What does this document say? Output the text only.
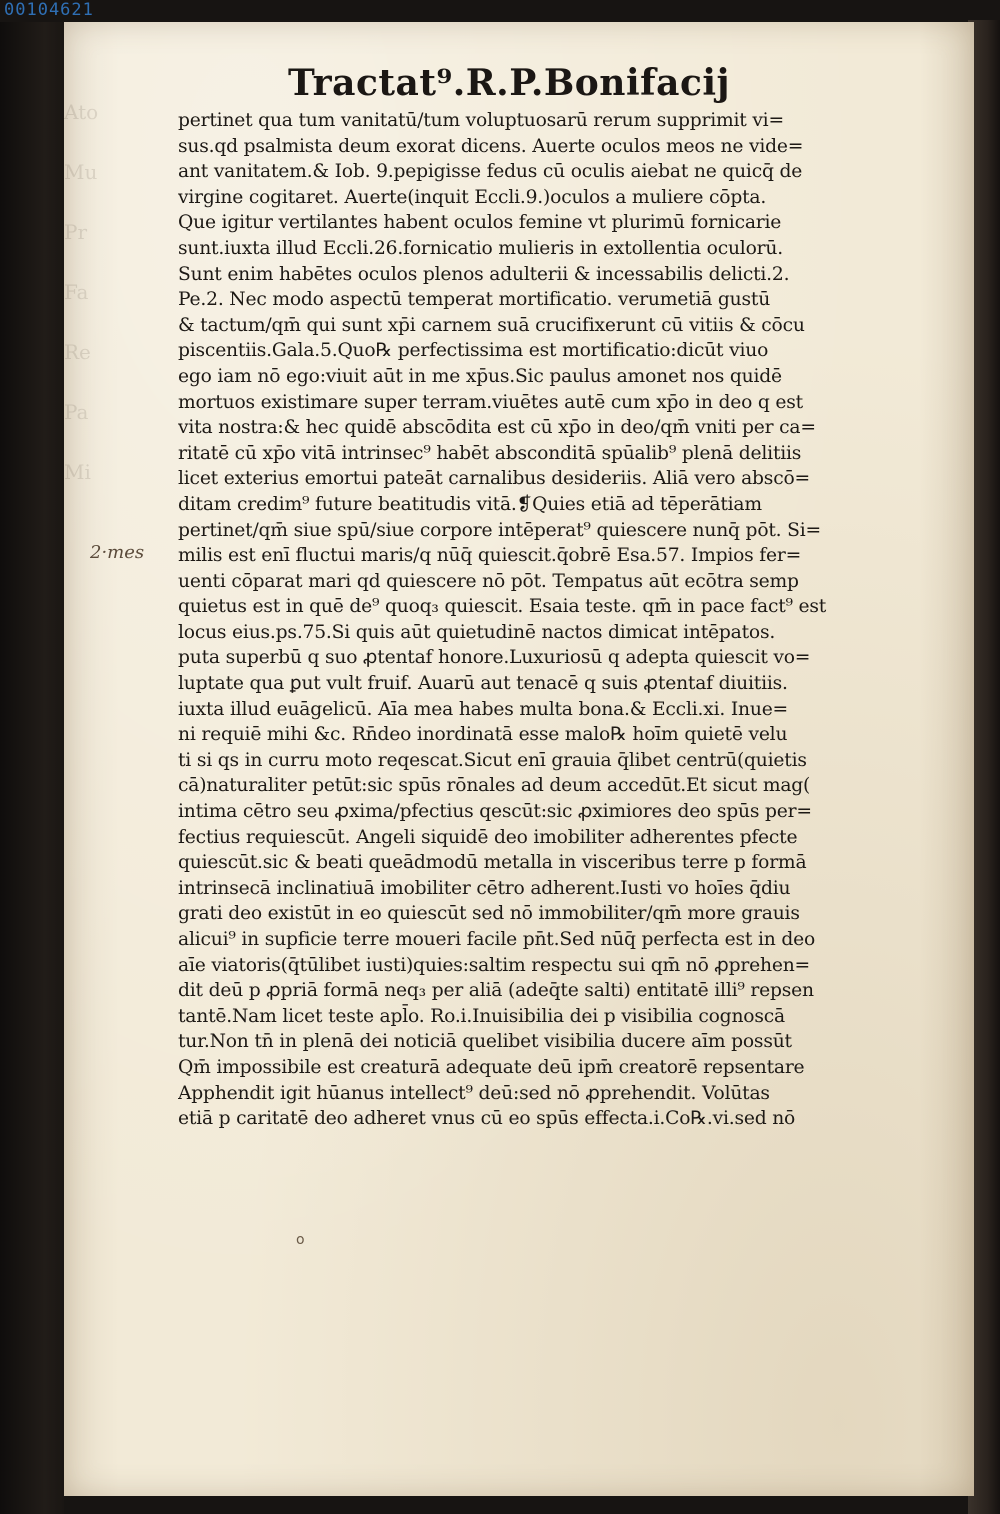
00104621
Ato
Mu
Pr
Fa
Re
Pa
Mi
Tractat⁹.R.P.Bonifacij
pertinet qua tum vanitatū/tum voluptuosarū rerum supprimit vi=
sus.qd psalmista deum exorat dicens. Auerte oculos meos ne vide=
ant vanitatem.& Iob. 9.pepigisse fedus cū oculis aiebat ne quicq̄ de
virgine cogitaret. Auerte(inquit Eccli.9.)oculos a muliere cōpta.
Que igitur vertilantes habent oculos femine vt plurimū fornicarie
sunt.iuxta illud Eccli.26.fornicatio mulieris in extollentia oculorū.
Sunt enim habētes oculos plenos adulterii & incessabilis delicti.2.
Pe.2. Nec modo aspectū temperat mortificatio. verumetiā gustū
& tactum/qm̄ qui sunt xp̄i carnem suā crucifixerunt cū vitiis & cōcu
piscentiis.Gala.5.Quo℞ perfectissima est mortificatio:dicūt viuo
ego iam nō ego:viuit aūt in me xp̄us.Sic paulus amonet nos quidē
mortuos existimare super terram.viuētes autē cum xp̄o in deo q est
vita nostra:& hec quidē abscōdita est cū xp̄o in deo/qm̄ vniti per ca=
ritatē cū xp̄o vitā intrinsec⁹ habēt absconditā spūalib⁹ plenā delitiis
licet exterius emortui pateāt carnalibus desideriis. Aliā vero abscō=
ditam credim⁹ future beatitudis vitā.❡Quies etiā ad tēperātiam
pertinet/qm̄ siue spū/siue corpore intēperat⁹ quiescere nunq̄ pōt. Si=
milis est enī fluctui maris/q nūq̄ quiescit.q̄obrē Esa.57. Impios fer=
uenti cōparat mari qd quiescere nō pōt. Tempatus aūt ecōtra semp
quietus est in quē de⁹ quoq₃ quiescit. Esaia teste. qm̄ in pace fact⁹ est
locus eius.ps.75.Si quis aūt quietudinē nactos dimicat intēpatos.
puta superbū q suo ꝓtentaf honore.Luxuriosū q adepta quiescit vo=
luptate qua ꝑut vult fruif. Auarū aut tenacē q suis ꝓtentaf diuitiis.
iuxta illud euāgelicū. Aīa mea habes multa bona.& Eccli.xi. Inue=
ni requiē mihi &c. Rn̄deo inordinatā esse malo℞ hoīm quietē velu
ti si qs in curru moto reqescat.Sicut enī grauia q̄libet centrū(quietis
cā)naturaliter petūt:sic spūs rōnales ad deum accedūt.Et sicut mag(
intima cētro seu ꝓxima/pfectius qescūt:sic ꝓximiores deo spūs per=
fectius requiescūt. Angeli siquidē deo imobiliter adherentes pfecte
quiescūt.sic & beati queādmodū metalla in visceribus terre p formā
intrinsecā inclinatiuā imobiliter cētro adherent.Iusti vo hoīes q̄diu
grati deo existūt in eo quiescūt sed nō immobiliter/qm̄ more grauis
alicui⁹ in supficie terre moueri facile pn̄t.Sed nūq̄ perfecta est in deo
aīe viatoris(q̄tūlibet iusti)quies:saltim respectu sui qm̄ nō ꝓprehen=
dit deū p ꝓpriā formā neq₃ per aliā (adeq̄te salti) entitatē illi⁹ repsen
tantē.Nam licet teste apl̄o. Ro.i.Inuisibilia dei p visibilia cognoscā
tur.Non tn̄ in plenā dei noticiā quelibet visibilia ducere aīm possūt
Qm̄ impossibile est creaturā adequate deū ipm̄ creatorē repsentare
Apphendit igit hūanus intellect⁹ deū:sed nō ꝓprehendit. Volūtas
etiā p caritatē deo adheret vnus cū eo spūs effecta.i.Co℞.vi.sed nō
2·mes
o
